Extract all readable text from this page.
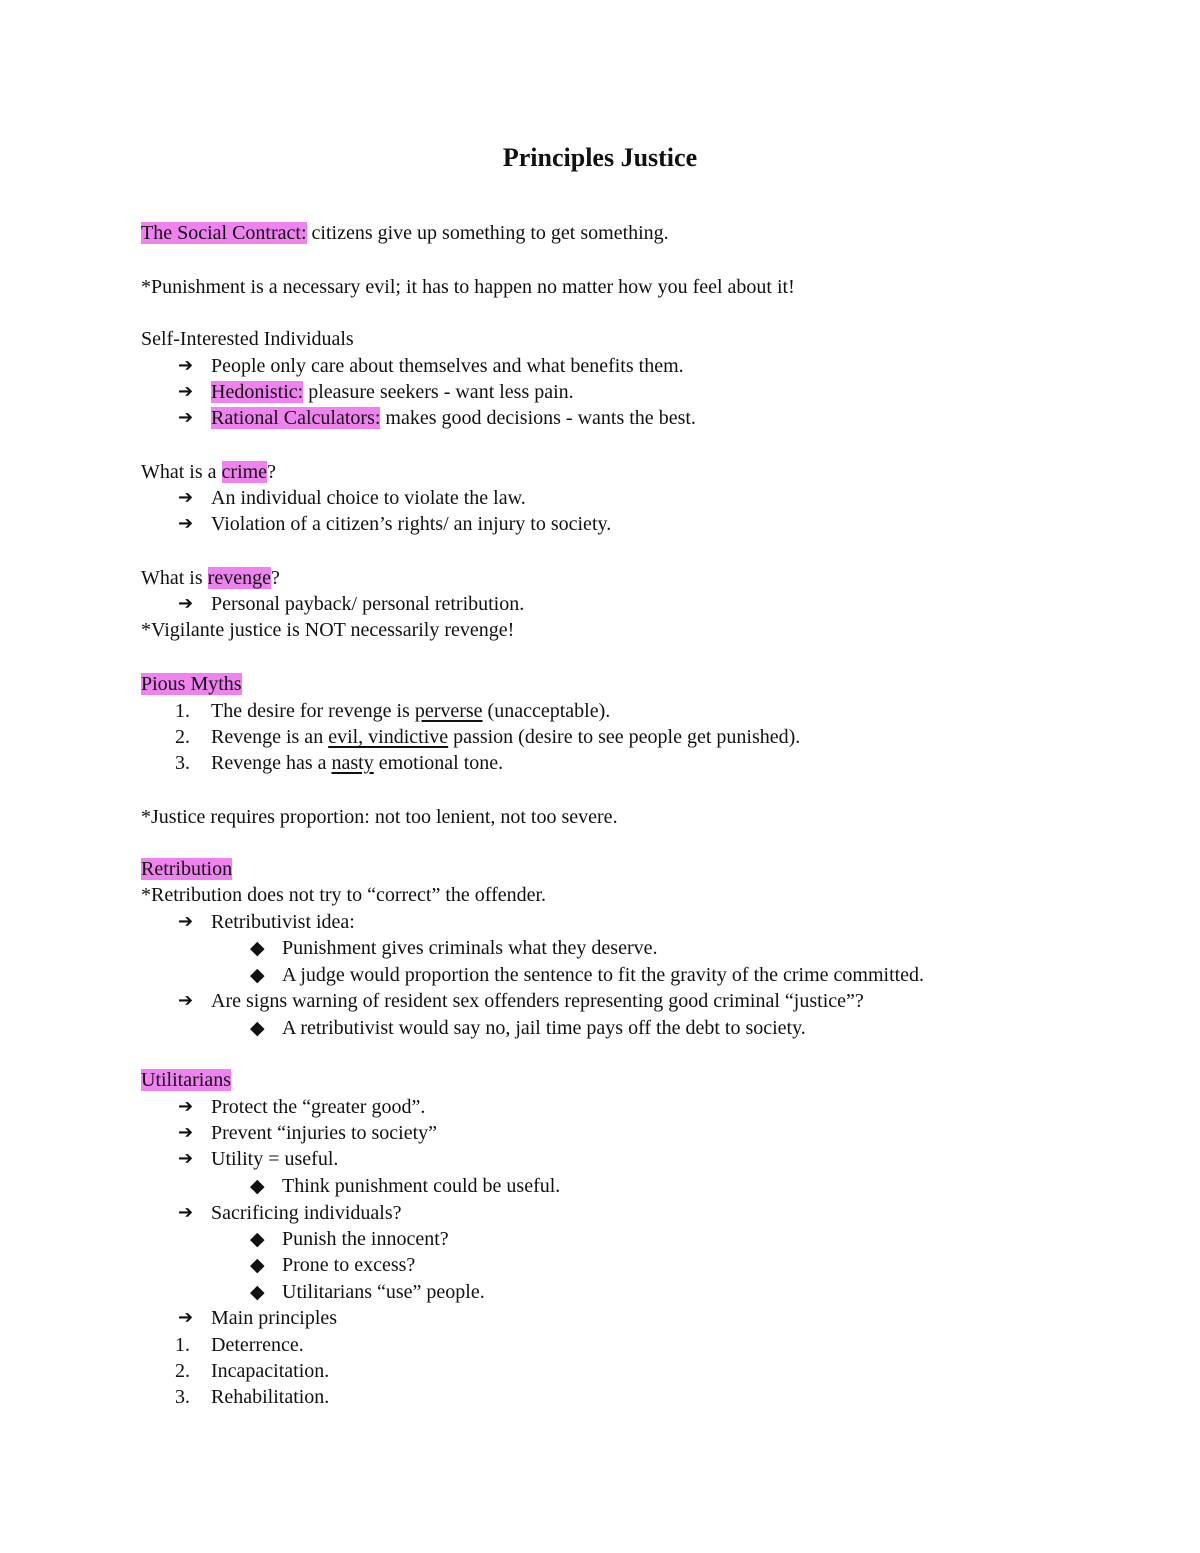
Principles Justice
The Social Contract: citizens give up something to get something.
*Punishment is a necessary evil; it has to happen no matter how you feel about it!
Self-Interested Individuals
➔ People only care about themselves and what benefits them.
➔ Hedonistic: pleasure seekers - want less pain.
➔ Rational Calculators: makes good decisions - wants the best.
What is a crime?
➔ An individual choice to violate the law.
➔ Violation of a citizen’s rights/ an injury to society.
What is revenge?
➔ Personal payback/ personal retribution.
*Vigilante justice is NOT necessarily revenge!
Pious Myths
1. The desire for revenge is perverse (unacceptable).
2. Revenge is an evil, vindictive passion (desire to see people get punished).
3. Revenge has a nasty emotional tone.
*Justice requires proportion: not too lenient, not too severe.
Retribution
*Retribution does not try to “correct” the offender.
➔ Retributivist idea:
◆ Punishment gives criminals what they deserve.
◆ A judge would proportion the sentence to fit the gravity of the crime committed.
➔ Are signs warning of resident sex offenders representing good criminal “justice”?
◆ A retributivist would say no, jail time pays off the debt to society.
Utilitarians
➔ Protect the “greater good”.
➔ Prevent “injuries to society”
➔ Utility = useful.
◆ Think punishment could be useful.
➔ Sacrificing individuals?
◆ Punish the innocent?
◆ Prone to excess?
◆ Utilitarians “use” people.
➔ Main principles
1. Deterrence.
2. Incapacitation.
3. Rehabilitation.
